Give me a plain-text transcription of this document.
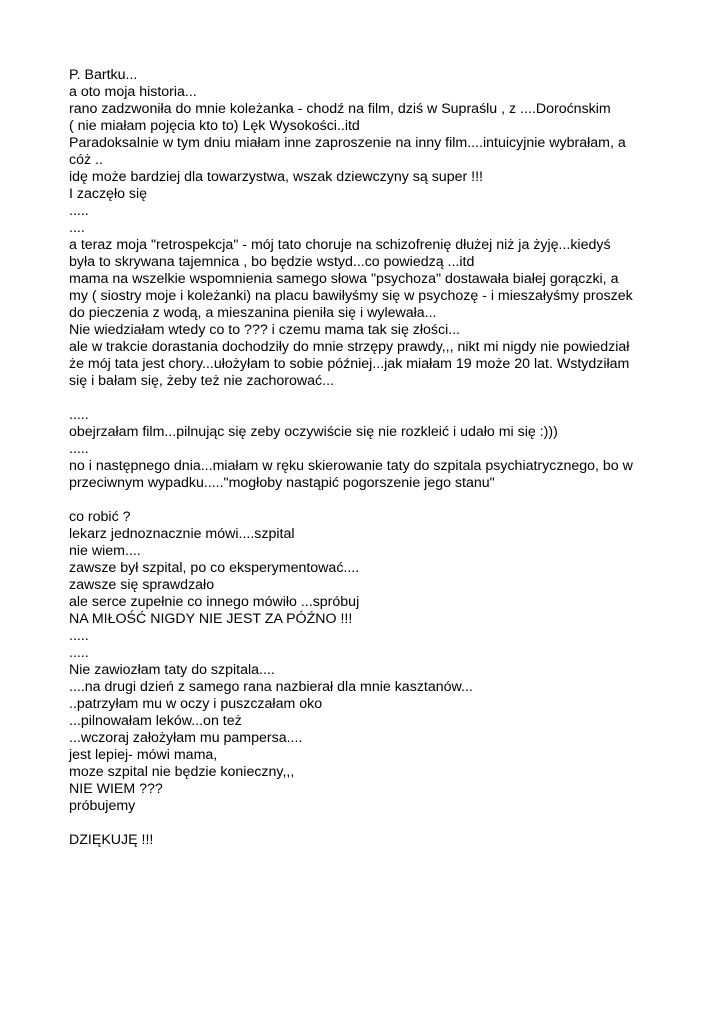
P. Bartku...
a oto moja historia...
rano zadzwoniła do mnie koleżanka - chodź na film, dziś w Supraślu , z ....Doroćnskim
( nie miałam pojęcia kto to) Lęk Wysokości..itd
Paradoksalnie w tym dniu miałam inne zaproszenie na inny film....intuicyjnie wybrałam, a
cóż ..
idę może bardziej dla towarzystwa, wszak dziewczyny są super !!!
I zaczęło się
.....
....
a teraz moja "retrospekcja" - mój tato choruje na schizofrenię dłużej niż ja żyję...kiedyś
była to skrywana tajemnica , bo będzie wstyd...co powiedzą ...itd
mama na wszelkie wspomnienia samego słowa "psychoza" dostawała białej gorączki, a
my ( siostry moje i koleżanki) na placu bawiłyśmy się w psychozę - i mieszałyśmy proszek
do pieczenia z wodą, a mieszanina pieniła się i wylewała...
Nie wiedziałam wtedy co to ??? i czemu mama tak się złości...
ale w trakcie dorastania dochodziły do mnie strzępy prawdy,,, nikt mi nigdy nie powiedział
że mój tata jest chory...ułożyłam to sobie później...jak miałam 19 może 20 lat. Wstydziłam
się i bałam się, żeby też nie zachorować...
.....
obejrzałam film...pilnując się zeby oczywiście się nie rozkleić i udało mi się :)))
.....
no i następnego dnia...miałam w ręku skierowanie taty do szpitala psychiatrycznego, bo w
przeciwnym wypadku....."mogłoby nastąpić pogorszenie jego stanu"
co robić ?
lekarz jednoznacznie mówi....szpital
nie wiem....
zawsze był szpital, po co eksperymentować....
zawsze się sprawdzało
ale serce zupełnie co innego mówiło ...spróbuj
NA MIŁOŚĆ NIGDY NIE JEST ZA PÓŹNO !!!
.....
.....
Nie zawiozłam taty do szpitala....
....na drugi dzień z samego rana nazbierał dla mnie kasztanów...
..patrzyłam mu w oczy i puszczałam oko
...pilnowałam leków...on też
...wczoraj założyłam mu pampersa....
jest lepiej- mówi mama,
moze szpital nie będzie konieczny,,,
NIE WIEM ???
próbujemy
DZIĘKUJĘ !!!
